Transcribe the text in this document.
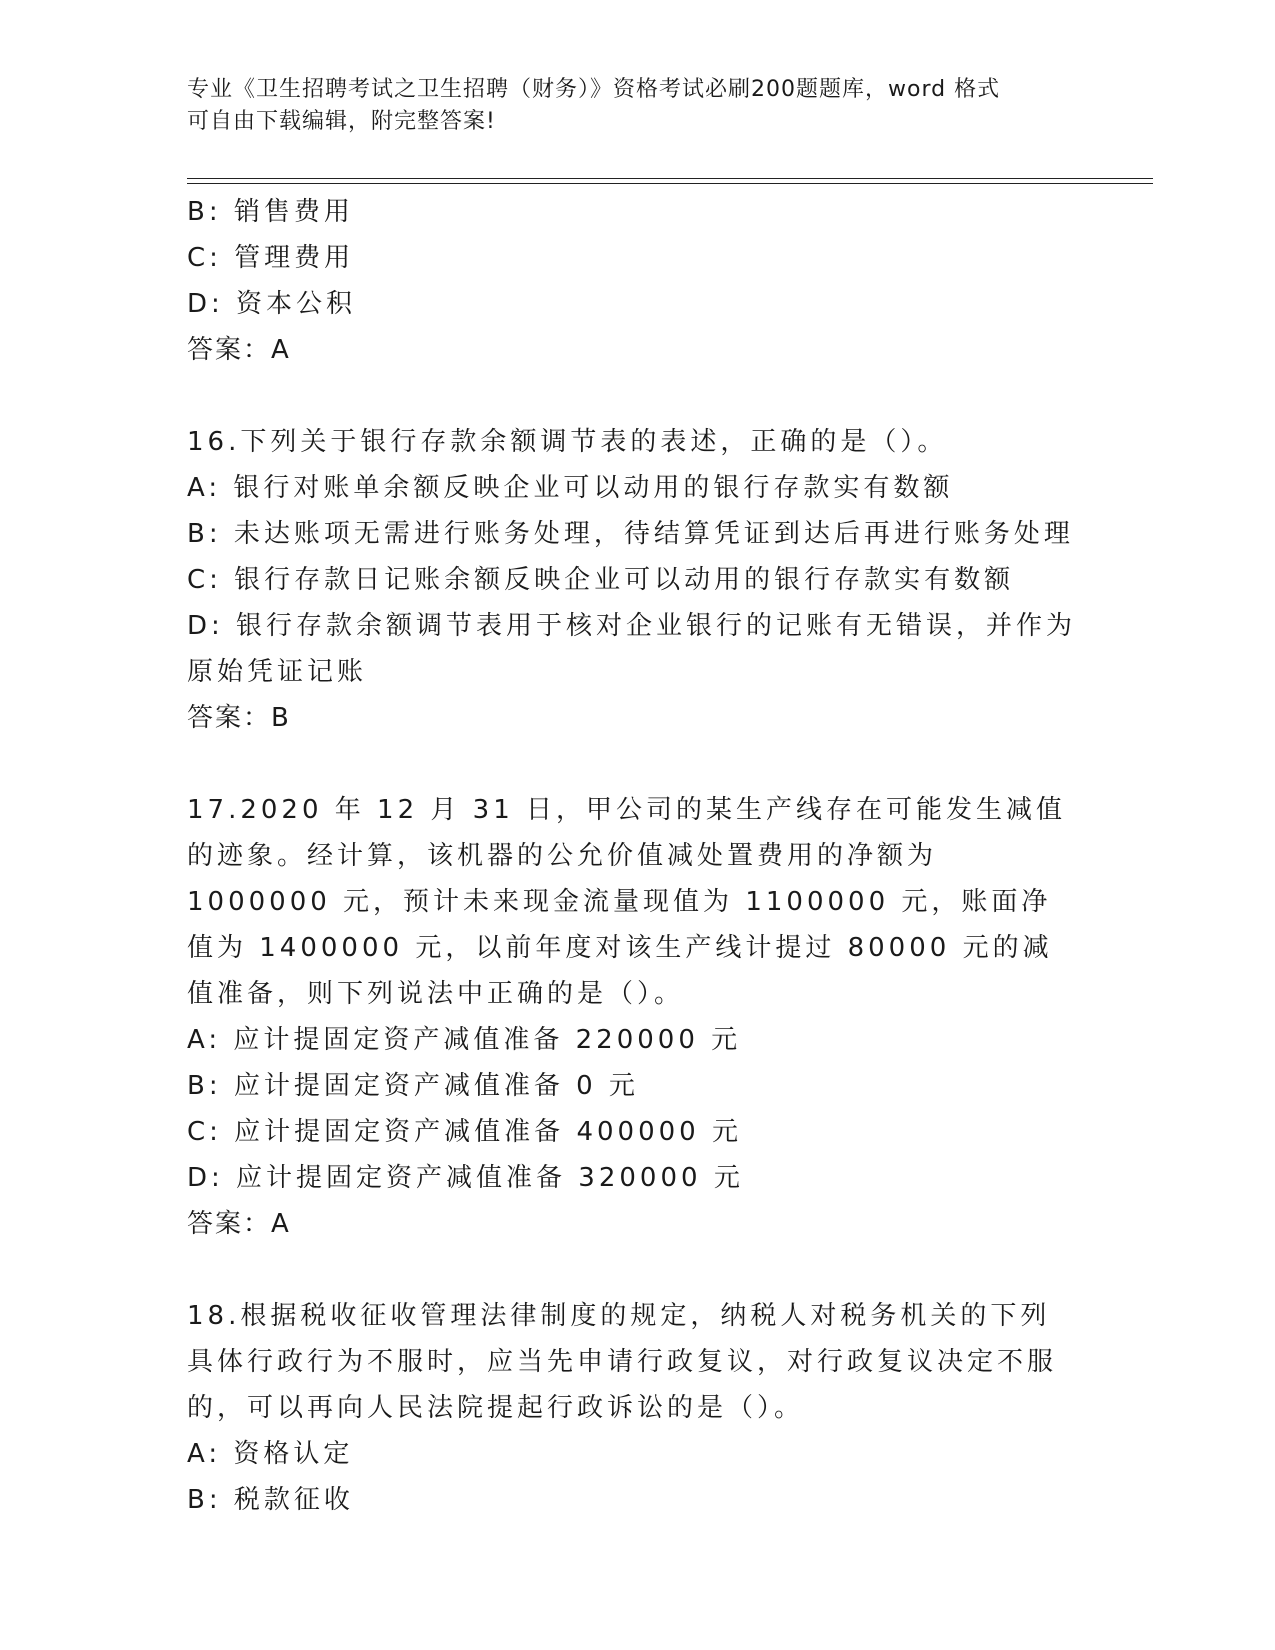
专业《卫生招聘考试之卫生招聘（财务）》资格考试必刷200题题库，word 格式
可自由下载编辑，附完整答案!

B: 销售费用

C: 管理费用

D: 资本公积

答案：A

16.下列关于银行存款余额调节表的表述，正确的是（）。

A: 银行对账单余额反映企业可以动用的银行存款实有数额

B: 未达账项无需进行账务处理，待结算凭证到达后再进行账务处理

C: 银行存款日记账余额反映企业可以动用的银行存款实有数额

D: 银行存款余额调节表用于核对企业银行的记账有无错误，并作为原始凭证记账

答案：B

17.2020 年 12 月 31 日，甲公司的某生产线存在可能发生减值的迹象。经计算，该机器的公允价值减处置费用的净额为 1000000 元，预计未来现金流量现值为 1100000 元，账面净值为 1400000 元，以前年度对该生产线计提过 80000 元的减值准备，则下列说法中正确的是（）。

A: 应计提固定资产减值准备 220000 元

B: 应计提固定资产减值准备 0 元

C: 应计提固定资产减值准备 400000 元

D: 应计提固定资产减值准备 320000 元

答案：A

18.根据税收征收管理法律制度的规定，纳税人对税务机关的下列具体行政行为不服时，应当先申请行政复议，对行政复议决定不服的，可以再向人民法院提起行政诉讼的是（）。

A: 资格认定

B: 税款征收
